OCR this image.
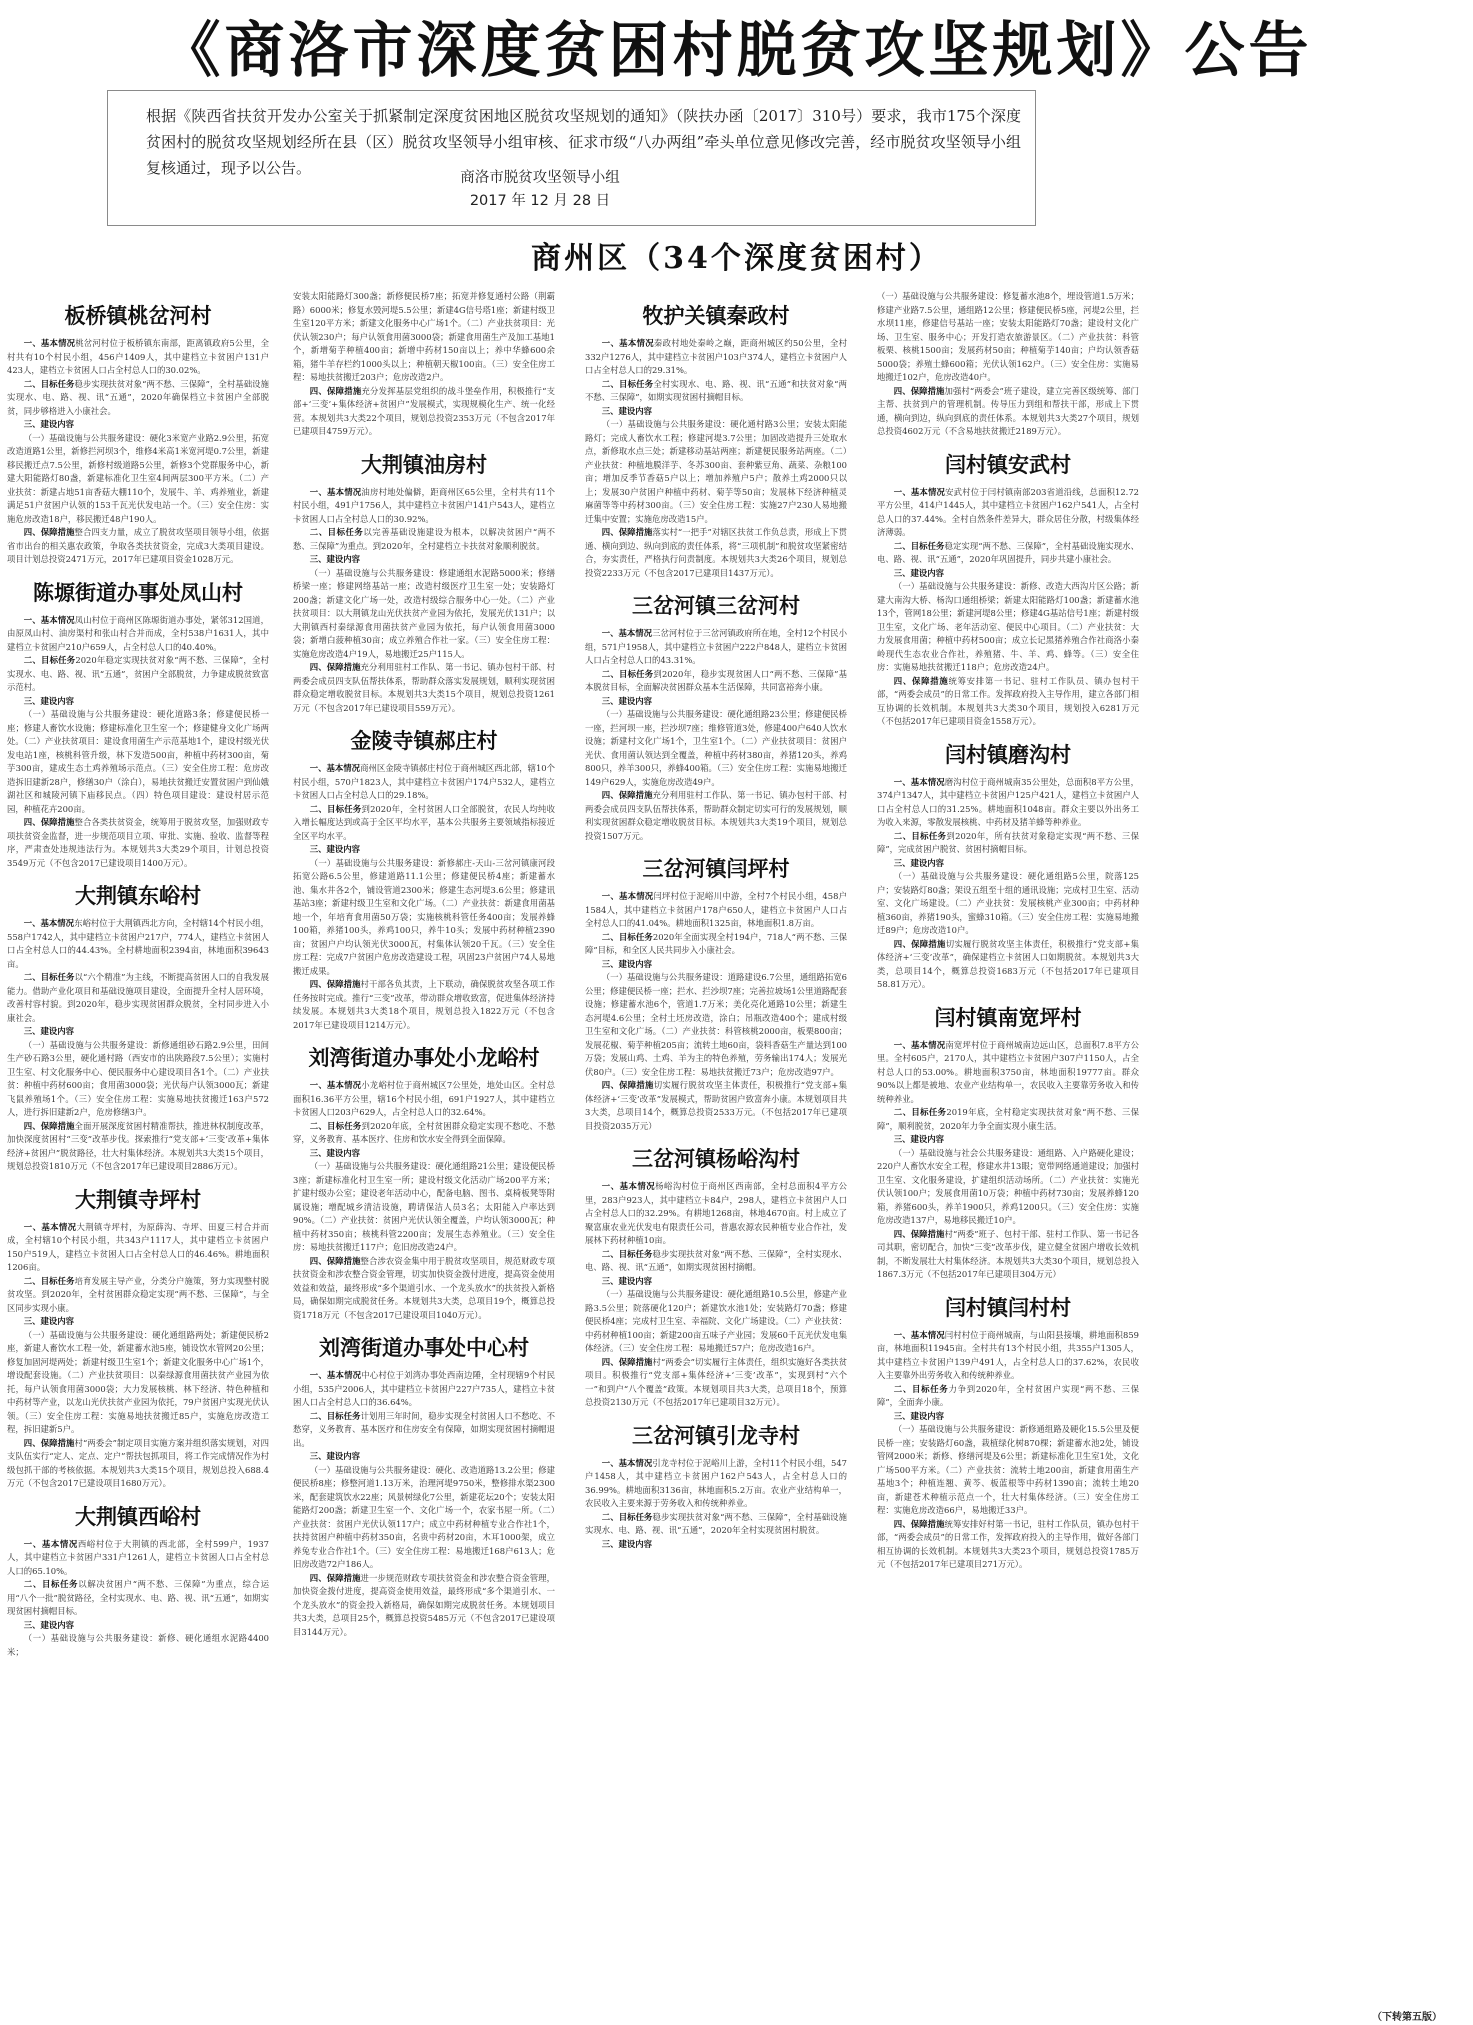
《商洛市深度贫困村脱贫攻坚规划》公告

根据《陕西省扶贫开发办公室关于抓紧制定深度贫困地区脱贫攻坚规划的通知》（陕扶办函〔2017〕310号）要求，我市175个深度贫困村的脱贫攻坚规划经所在县（区）脱贫攻坚领导小组审核、征求市级“八办两组”牵头单位意见修改完善，经市脱贫攻坚领导小组复核通过，现予以公告。

商洛市脱贫攻坚领导小组
2017 年 12 月 28 日
商州区（34个深度贫困村）
板桥镇桃岔河村

一、基本情况桃岔河村位于板桥镇东南部，距离镇政府5公里，全村共有10个村民小组，456户1409人，其中建档立卡贫困户131户423人，建档立卡贫困人口占全村总人口的30.02%。

二、目标任务稳步实现扶贫对象“两不愁、三保障”，全村基础设施实现水、电、路、视、讯“五通”，2020年确保档立卡贫困户全部脱贫，同步够格进入小康社会。

三、建设内容

（一）基础设施与公共服务建设：硬化3米宽产业路2.9公里，拓宽改造道路1公里，新修拦河坝3个，维修4米高1米宽河堤0.7公里，新建移民搬迁点7.5公里，新修村级道路5公里，新修3个党群服务中心，新建大阳能路灯80盏，新建标准化卫生室4间两层300平方米。（二）产业扶贫：新建占地51亩香菇大棚110个，发展牛、羊、鸡养殖业，新建满足51户贫困户认领的153千瓦光伏发电站一个。（三）安全住房：实施危房改造18户，移民搬迁48户190人。

四、保障措施整合四支力量，成立了脱贫攻坚项目领导小组，依据省市出台的相关惠农政策，争取各类扶贫资金，完成3大类项目建设。项目计划总投资2471万元，2017年已建项目资金1028万元。

陈塬街道办事处凤山村

一、基本情况凤山村位于商州区陈塬街道办事处，紧邻312国道，由原凤山村、油房渠村和张山村合并而成，全村538户1631人，其中建档立卡贫困户210户659人，占全村总人口的40.40%。

二、目标任务2020年稳定实现扶贫对象“两不愁、三保障”，全村实现水、电、路、视、讯“五通”，贫困户全部脱贫，力争建成脱贫致富示范村。

三、建设内容

（一）基础设施与公共服务建设：硬化道路3条；修建便民桥一座；修建人畜饮水设施；修建标准化卫生室一个；修建健身文化广场两处。（二）产业扶贫项目：建设食用菌生产示范基地1个，建设村级光伏发电站1座，核桃科管升级，林下发造500亩，种植中药材300亩，菊芋300亩，建成生态土鸡养殖场示范点。（三）安全住房工程：危房改造拆旧建新28户，修缮30户（涂白），易地扶贫搬迁安置贫困户到仙娥湖社区和城陵河镇下庙移民点。（四）特色项目建设：建设村居示范园，种植花卉200亩。

四、保障措施整合各类扶贫资金，统筹用于脱贫攻坚，加强财政专项扶贫资金监督，进一步规范项目立项、审批、实施、验收、监督等程序，严肃查处违规违法行为。本规划共3大类29个项目，计划总投资3549万元（不包含2017已建设项目1400万元）。

大荆镇东峪村

一、基本情况东峪村位于大荆镇西北方向，全村辖14个村民小组，558户1742人，其中建档立卡贫困户217户，774人，建档立卡贫困人口占全村总人口的44.43%。全村耕地面积2394亩，林地面积39643亩。

二、目标任务以“六个精准”为主线，不断提高贫困人口的自我发展能力。借助产业化项目和基础设施项目建设，全面提升全村人居环境，改善村容村貌。到2020年，稳步实现贫困群众脱贫，全村同步进入小康社会。

三、建设内容

（一）基础设施与公共服务建设：新修通组砂石路2.9公里，田间生产砂石路3公里，硬化通村路（西安市的出陕路段7.5公里）；实施村卫生室、村文化服务中心、便民服务中心建设项目各1个。（二）产业扶贫：种植中药材600亩；食用菌3000袋；光伏每户认领3000瓦；新建飞鼠养殖场1个。（三）安全住房工程：实施易地扶贫搬迁163户572人，进行拆旧建新2户，危房修缮3户。

四、保障措施全面开展深度贫困村精准帮扶，推进林权制度改革，加快深度贫困村“三变”改革步伐。探索推行“党支部+‘三变’改革+集体经济+贫困户”脱贫路径，壮大村集体经济。本规划共3大类15个项目，规划总投资1810万元（不包含2017年已建设项目2886万元）。

大荆镇寺坪村

一、基本情况大荆镇寺坪村，为原薛沟、寺坪、田夏三村合并而成，全村辖10个村民小组，共343户1117人，其中建档立卡贫困户150户519人，建档立卡贫困人口占全村总人口的46.46%。耕地面积1206亩。

二、目标任务培育发展主导产业，分类分户施策，努力实现整村脱贫攻坚。到2020年，全村贫困群众稳定实现“两不愁、三保障”，与全区同步实现小康。

三、建设内容

（一）基础设施与公共服务建设：硬化通组路两处；新建便民桥2座，新建人畜饮水工程一处，新建蓄水池5座，铺设饮水管网20公里；修复加固河堤两处；新建村级卫生室1个；新建文化服务中心广场1个，增设配套设施。（二）产业扶贫项目：以秦绿源食用菌扶贫产业园为依托，每户认领食用菌3000袋；大力发展核桃、林下经济、特色种植和中药材等产业，以龙山光伏扶贫产业园为依托，79户贫困户实现光伏认领。（三）安全住房工程：实施易地扶贫搬迁85户，实施危房改造工程，拆旧建新5户。

四、保障措施村“两委会”制定项目实施方案并组织落实规划，对四支队伍实行“定人、定点、定户”帮扶包抓项目，将工作完成情况作为村级包抓干部的考核依据。本规划共3大类15个项目，规划总投入688.4万元（不包含2017已建设项目1680万元）。

大荆镇西峪村

一、基本情况西峪村位于大荆镇的西北部，全村599户，1937人，其中建档立卡贫困户331户1261人，建档立卡贫困人口占全村总人口的65.10%。

二、目标任务以解决贫困户“两不愁、三保障”为重点，综合运用“八个一批”脱贫路径，全村实现水、电、路、视、讯“五通”，如期实现贫困村摘帽目标。

三、建设内容

（一）基础设施与公共服务建设：新修、硬化通组水泥路4400米；

安装太阳能路灯300盏；新修便民桥7座；拓宽并修复通村公路（荆霸路）6000米；修复水毁河堤5.5公里；新建4G信号塔1座；新建村级卫生室120平方米；新建文化服务中心广场1个。（二）产业扶贫项目：光伏认领230户；每户认领食用菌3000袋；新建食用菌生产及加工基地1个，新增菊芋种植400亩；新增中药材150亩以上；养中华蜂600余箱，猪牛羊存栏约1000头以上；种植朝天椒100亩。（三）安全住房工程：易地扶贫搬迁203户；危房改造2户。

四、保障措施充分发挥基层党组织的战斗堡垒作用，积极推行“支部+‘三变’+集体经济+贫困户”发展模式，实现规模化生产、统一化经营。本规划共3大类22个项目，规划总投资2353万元（不包含2017年已建项目4759万元）。

大荆镇油房村

一、基本情况油房村地处偏僻，距商州区65公里，全村共有11个村民小组，491户1756人，其中建档立卡贫困户141户543人，建档立卡贫困人口占全村总人口的30.92%。

二、目标任务以完善基础设施建设为根本，以解决贫困户“两不愁、三保障”为重点。到2020年，全村建档立卡扶贫对象顺利脱贫。

三、建设内容

（一）基础设施与公共服务建设：修建通组水泥路5000米；修缮桥梁一座；修建网络基站一座；改造村级医疗卫生室一处；安装路灯200盏；新建文化广场一处，改造村级综合服务中心一处。（二）产业扶贫项目：以大荆镇龙山光伏扶贫产业园为依托，发展光伏131户；以大荆镇西村秦绿源食用菌扶贫产业园为依托，每户认领食用菌3000袋；新增白菠种植30亩；成立养殖合作社一家。（三）安全住房工程：实施危房改造4户19人，易地搬迁25户115人。

四、保障措施充分利用驻村工作队、第一书记、镇办包村干部、村两委会成员四支队伍帮扶体系，帮助群众落实发展规划，顺利实现贫困群众稳定增收脱贫目标。本规划共3大类15个项目，规划总投资1261万元（不包含2017年已建设项目559万元）。

金陵寺镇郝庄村

一、基本情况商州区金陵寺镇郝庄村位于商州城区西北部，辖10个村民小组，570户1823人，其中建档立卡贫困户174户532人，建档立卡贫困人口占全村总人口的29.18%。

二、目标任务到2020年，全村贫困人口全部脱贫，农民人均纯收入增长幅度达到或高于全区平均水平，基本公共服务主要领域指标接近全区平均水平。

三、建设内容

（一）基础设施与公共服务建设：新修郝庄-天山-三岔河镇康河段拓宽公路6.5公里，修建道路11.1公里；修建便民桥4座；新建蓄水池、集水井各2个，铺设管道2300米；修建生态河堤3.6公里；修建讯基站3座；新建村级卫生室和文化广场。（二）产业扶贫：新建食用菌基地一个，年培育食用菌50万袋；实施核桃科管任务400亩；发展养蜂100箱，养猪100头，养鸡100只，养牛10头；发展中药材种植2390亩；贫困户户均认领光伏3000瓦，村集体认领20千瓦。（三）安全住房工程：完成7户贫困户危房改造建设工程，巩固23户贫困户74人易地搬迁成果。

四、保障措施村干部各负其责，上下联动，确保脱贫攻坚各项工作任务按时完成。推行“三变”改革，带动群众增收致富，促进集体经济持续发展。本规划共3大类18个项目，规划总投入1822万元（不包含2017年已建设项目1214万元）。

刘湾街道办事处小龙峪村

一、基本情况小龙峪村位于商州城区7公里处，地处山区。全村总面积16.36平方公里，辖16个村民小组，691户1927人，其中建档立卡贫困人口203户629人，占全村总人口的32.64%。

二、目标任务到2020年底，全村贫困群众稳定实现不愁吃、不愁穿，义务教育、基本医疗、住房和饮水安全得到全面保障。

三、建设内容

（一）基础设施与公共服务建设：硬化通组路21公里；建设便民桥3座；新建标准化村卫生室一所；建设村级文化活动广场200平方米；扩建村级办公室；建设老年活动中心，配备电脑、图书、桌椅板凳等附属设施；增配城乡清洁设施，聘请保洁人员3名；太阳能入户率达到90%。（二）产业扶贫：贫困户光伏认领全覆盖，户均认领3000瓦；种植中药材350亩；核桃科管2200亩；发展生态养殖业。（三）安全住房：易地扶贫搬迁117户；危旧房改造24户。

四、保障措施整合涉农资金集中用于脱贫攻坚项目，规范财政专项扶贫资金和涉农整合资金管理，切实加快资金拨付进度，提高资金使用效益和效益，最终形成“多个渠道引水、一个龙头放水”的扶贫投入新格局，确保如期完成脱贫任务。本规划共3大类，总项目19个，概算总投资1718万元（不包含2017已建设项目1040万元）。

刘湾街道办事处中心村

一、基本情况中心村位于刘湾办事处西南边陲，全村现辖9个村民小组，535户2006人，其中建档立卡贫困户227户735人，建档立卡贫困人口占全村总人口的36.64%。

二、目标任务计划用三年时间，稳步实现全村贫困人口不愁吃、不愁穿，义务教育、基本医疗和住房安全有保障，如期实现贫困村摘帽退出。

三、建设内容

（一）基础设施与公共服务建设：硬化、改造道路13.2公里；修建便民桥8座；修整河道1.13万米，治理河堤9750米，整修排水渠2300米，配套建筑饮水22座；风景树绿化7公里，新建花坛20个；安装太阳能路灯200盏；新建卫生室一个、文化广场一个，农家书屋一所。（二）产业扶贫：贫困户光伏认领117户；成立中药材种植专业合作社1个，扶持贫困户种植中药材350亩，名贵中药材20亩，木耳1000架，成立养兔专业合作社1个。（三）安全住房工程：易地搬迁168户613人；危旧房改造72户186人。

四、保障措施进一步规范财政专项扶贫资金和涉农整合资金管理，加快资金拨付进度，提高资金使用效益，最终形成“多个渠道引水、一个龙头放水”的资金投入新格局，确保如期完成脱贫任务。本规划项目共3大类，总项目25个，概算总投资5485万元（不包含2017已建设项目3144万元）。

牧护关镇秦政村

一、基本情况秦政村地处秦岭之巅，距商州城区约50公里，全村332户1276人，其中建档立卡贫困户103户374人，建档立卡贫困户人口占全村总人口的29.31%。

二、目标任务全村实现水、电、路、视、讯“五通”和扶贫对象“两不愁、三保障”，如期实现贫困村摘帽目标。

三、建设内容

（一）基础设施与公共服务建设：硬化通村路3公里；安装太阳能路灯；完成人畜饮水工程；修建河堤3.7公里；加固改造提升三处取水点，新修取水点三处；新建移动基站两座；新建便民服务站两座。（二）产业扶贫：种植地膜洋芋、冬苏300亩、套种紫豆角、蔬菜、杂粮100亩；增加反季节香菇5户以上；增加养殖户5户；散养土鸡2000只以上；发展30户贫困户种植中药材、菊芋等50亩；发展林下经济种植灵麻菌等等中药材300亩。（三）安全住房工程：实施27户230人易地搬迁集中安置；实施危房改造15户。

四、保障措施落实村“一把手”对辖区扶贫工作负总责，形成上下贯通、横向到边、纵向到底的责任体系，将“三项机制”和脱贫攻坚紧密结合，夯实责任，严格执行问责制度。本规划共3大类26个项目，规划总投资2233万元（不包含2017已建项目1437万元）。

三岔河镇三岔河村

一、基本情况三岔河村位于三岔河镇政府所在地，全村12个村民小组，571户1958人，其中建档立卡贫困户222户848人，建档立卡贫困人口占全村总人口的43.31%。

二、目标任务到2020年，稳步实现贫困人口“两不愁、三保障”基本脱贫目标，全面解决贫困群众基本生活保障，共同富裕奔小康。

三、建设内容

（一）基础设施与公共服务建设：硬化通组路23公里；修建便民桥一座，拦河坝一座，拦沙坝7座；维修管道3处，修建400户640人饮水设施；新建村文化广场1个，卫生室1个。（二）产业扶贫项目：贫困户光伏、食用菌认领达到全覆盖，种植中药材380亩，养猪120头，养鸡800只，养羊300只，养蜂400箱。（三）安全住房工程：实施易地搬迁149户629人，实施危房改造49户。

四、保障措施充分利用驻村工作队、第一书记、镇办包村干部、村两委会成员四支队伍帮扶体系，帮助群众制定切实可行的发展规划，顺利实现贫困群众稳定增收脱贫目标。本规划共3大类19个项目，规划总投资1507万元。

三岔河镇闫坪村

一、基本情况闫坪村位于泥峪川中游，全村7个村民小组，458户1584人，其中建档立卡贫困户178户650人，建档立卡贫困户人口占全村总人口的41.04%。耕地面积1325亩，林地面积1.8万亩。

二、目标任务2020年全面实现全村194户，718人“两不愁、三保障”目标，和全区人民共同步入小康社会。

三、建设内容

（一）基础设施与公共服务建设：道路建设6.7公里，通组路拓宽6公里；修建便民桥一座；拦水、拦沙坝7座；完善拉坡场1公里道路配套设施；修建蓄水池6个，管道1.7万米；美化亮化通路10公里；新建生态河堤4.6公里；全村土坯房改造，涂白；吊瓶改造400个；建成村级卫生室和文化广场。（二）产业扶贫：科管核桃2000亩，板栗800亩；发展花椒、菊芋种植205亩；流转土地60亩，袋料香菇生产量达到100万袋；发展山鸡、土鸡、羊为主的特色养殖，劳务输出174人；发展光伏80户。（三）安全住房工程：易地扶贫搬迁73户；危房改造97户。

四、保障措施切实履行脱贫攻坚主体责任，积极推行“党支部+集体经济+‘三变’改革”发展模式，帮助贫困户致富奔小康。本规划项目共3大类，总项目14个，概算总投资2533万元。（不包括2017年已建项目投资2035万元）

三岔河镇杨峪沟村

一、基本情况杨峪沟村位于商州区西南部，全村总面积4平方公里，283户923人，其中建档立卡84户，298人，建档立卡贫困户人口占全村总人口的32.29%。有耕地1268亩，林地4670亩。村上成立了聚富康农业光伏发电有限责任公司，普惠农源农民种植专业合作社，发展林下药材种植10亩。

二、目标任务稳步实现扶贫对象“两不愁、三保障”，全村实现水、电、路、视、讯“五通”，如期实现贫困村摘帽。

三、建设内容

（一）基础设施与公共服务建设：硬化通组路10.5公里，修建产业路3.5公里；院落硬化120户；新建饮水池1处；安装路灯70盏；修建便民桥4座；完成村卫生室、幸福院、文化广场建设。（二）产业扶贫：中药材种植100亩；新建200亩五味子产业园；发展60千瓦光伏发电集体经济。（三）安全住房工程：易地搬迁57户；危房改造16户。

四、保障措施村“两委会”切实履行主体责任，组织实施好各类扶贫项目。积极推行“党支部+集体经济+‘三变’改革”，实现到村“六个一”和到户“八个覆盖”政策。本规划项目共3大类，总项目18个，预算总投资2130万元（不包括2017年已建项目32万元）。

三岔河镇引龙寺村

一、基本情况引龙寺村位于泥峪川上游，全村11个村民小组，547户1458人，其中建档立卡贫困户162户543人，占全村总人口的36.99%。耕地面积3136亩，林地面积5.2万亩。农业产业结构单一，农民收入主要来源于劳务收入和传统种养业。

二、目标任务稳步实现扶贫对象“两不愁、三保障”，全村基础设施实现水、电、路、视、讯“五通”，2020年全村实现贫困村脱贫。

三、建设内容

（一）基础设施与公共服务建设：修复蓄水池8个，埋设管道1.5万米；修建产业路7.5公里，通组路12公里；修建便民桥5座，河堤2公里，拦水坝11座，修建信号基站一座；安装太阳能路灯70盏；建设村文化广场、卫生室、服务中心；开发打造农旅游景区。（二）产业扶贫：科管板栗、核桃1500亩；发展药材50亩；种植菊芋140亩；户均认领香菇5000袋；养殖土蜂600箱；光伏认领162户。（三）安全住房：实施易地搬迁102户，危房改造40户。

四、保障措施加强村“两委会”班子建设，建立完善区级统筹、部门主帮、扶贫到户的管理机制。传导压力到组和帮扶干部，形成上下贯通，横向到边，纵向到底的责任体系。本规划共3大类27个项目，规划总投资4602万元（不含易地扶贫搬迁2189万元）。

闫村镇安武村

一、基本情况安武村位于闫村镇南部203省道沿线，总面积12.72平方公里，414户1445人，其中建档立卡贫困户162户541人，占全村总人口的37.44%。全村自然条件差异大，群众居住分散，村级集体经济薄弱。

二、目标任务稳定实现“两不愁、三保障”，全村基础设施实现水、电、路、视、讯“五通”，2020年巩固提升，同步共建小康社会。

三、建设内容

（一）基础设施与公共服务建设：新修、改造大西沟片区公路；新建大南沟大桥、杨沟口通组桥梁；新建太阳能路灯100盏；新建蓄水池13个，管网18公里；新建河堤8公里；修建4G基站信号1座；新建村级卫生室，文化广场、老年活动室、便民中心项目。（二）产业扶贫：大力发展食用菌；种植中药材500亩；成立长记黑猪养殖合作社商洛小秦岭现代生态农业合作社，养殖猪、牛、羊、鸡、蜂等。（三）安全住房：实施易地扶贫搬迁118户；危房改造24户。

四、保障措施统筹安排第一书记、驻村工作队员、镇办包村干部，“两委会成员”的日常工作。发挥政府投入主导作用，建立各部门相互协调的长效机制。本规划共3大类30个项目，规划投入6281万元（不包括2017年已建项目资金1558万元）。

闫村镇磨沟村

一、基本情况磨沟村位于商州城南35公里处，总面积8平方公里，374户1347人，其中建档立卡贫困户125户421人，建档立卡贫困户人口占全村总人口的31.25%。耕地面积1048亩。群众主要以外出务工为收入来源，零散发展核桃、中药材及猪羊蜂等种养业。

二、目标任务到2020年，所有扶贫对象稳定实现“两不愁、三保障”，完成贫困户脱贫、贫困村摘帽目标。

三、建设内容

（一）基础设施与公共服务建设：硬化通组路5公里，院落125户；安装路灯80盏；架设五组至十组的通讯设施；完成村卫生室、活动室、文化广场建设。（二）产业扶贫：发展核桃产业300亩；中药材种植360亩，养猪190头，蜜蜂310箱。（三）安全住房工程：实施易地搬迁89户；危房改造10户。

四、保障措施切实履行脱贫攻坚主体责任，积极推行“党支部+集体经济+‘三变’改革”，确保建档立卡贫困人口如期脱贫。本规划共3大类，总项目14个，概算总投资1683万元（不包括2017年已建项目58.81万元）。

闫村镇南宽坪村

一、基本情况南宽坪村位于商州城南边远山区，总面积7.8平方公里。全村605户，2170人，其中建档立卡贫困户307户1150人，占全村总人口的53.00%。耕地面积3750亩，林地面积19777亩。群众90%以上都是被地、农业产业结构单一，农民收入主要靠劳务收入和传统种养业。

二、目标任务2019年底，全村稳定实现扶贫对象“两不愁、三保障”，顺利脱贫，2020年力争全面实现小康生活。

三、建设内容

（一）基础设施与社会公共服务建设：通组路、入户路硬化建设；220户人畜饮水安全工程，修建水井13眼；宽带网络通道建设；加强村卫生室、文化服务建设，扩建组织活动场所。（二）产业扶贫：实施光伏认领100户；发展食用菌10万袋；种植中药材730亩；发展养蜂120箱，养猪600头，养羊1900只，养鸡1200只。（三）安全住房：实施危房改造137户，易地移民搬迁10户。

四、保障措施村“两委”班子、包村干部、驻村工作队、第一书记各司其职，密切配合，加快“三变”改革步伐，建立健全贫困户增收长效机制，不断发展壮大村集体经济。本规划共3大类30个项目，规划总投入1867.3万元（不包括2017年已建项目304万元）

闫村镇闫村村

一、基本情况闫村村位于商州城南，与山阳县接壤，耕地面积859亩，林地面积11945亩。全村共有13个村民小组，共355户1305人，其中建档立卡贫困户139户491人，占全村总人口的37.62%，农民收入主要靠外出劳务收入和传统种养业。

二、目标任务力争到2020年，全村贫困户实现“两不愁、三保障”，全面奔小康。

三、建设内容

（一）基础设施与公共服务建设：新修通组路及硬化15.5公里及便民桥一座；安装路灯60盏，栽植绿化树870棵；新建蓄水池2处，铺设管网2000米；新修、修缮河堤及6公里；新建标准化卫生室1处，文化广场500平方米。（二）产业扶贫：流转土地200亩，新建食用菌生产基地3个；种植连翘、黄芩、板蓝根等中药材1390亩；流转土地20亩，新建苍术种植示范点一个，壮大村集体经济。（三）安全住房工程：实施危房改造66户，易地搬迁33户。

四、保障措施统筹安排好村第一书记，驻村工作队员，镇办包村干部，“两委会成员”的日常工作，发挥政府投入的主导作用，做好各部门相互协调的长效机制。本规划共3大类23个项目，规划总投资1785万元（不包括2017年已建项目271万元）。

（下转第五版）
